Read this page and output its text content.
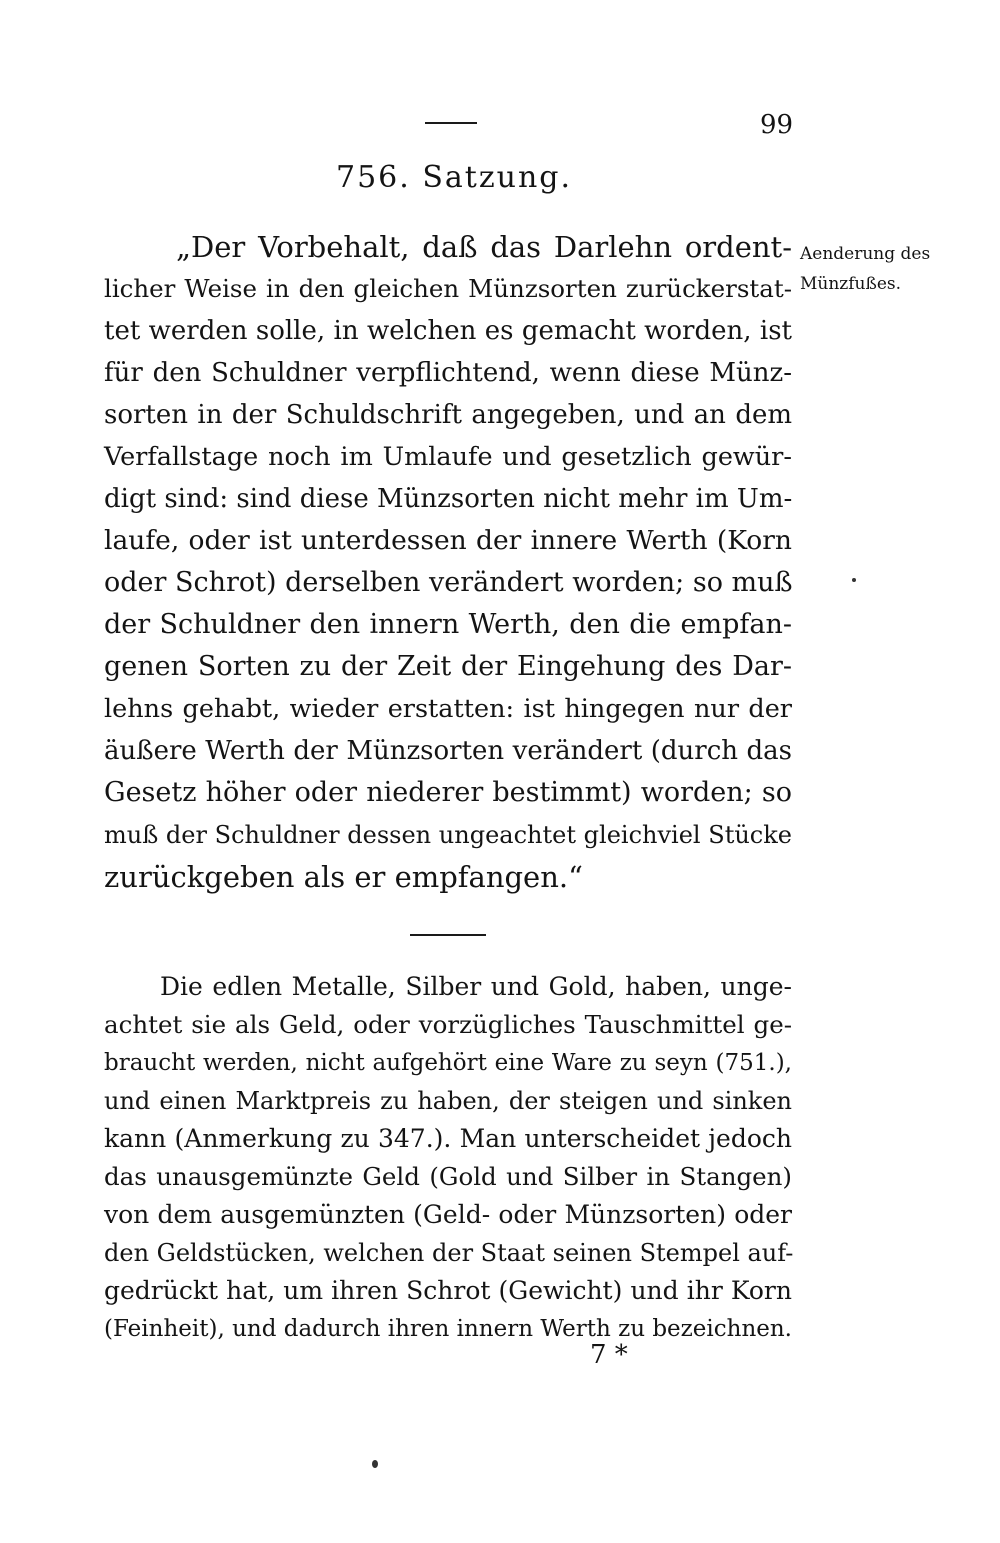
99
756. Satzung.
Aenderung des
Münzfußes.
„Der Vorbehalt, daß das Darlehn ordent-
licher Weise in den gleichen Münzsorten zurückerstat-
tet werden solle, in welchen es gemacht worden, ist
für den Schuldner verpflichtend, wenn diese Münz-
sorten in der Schuldschrift angegeben, und an dem
Verfallstage noch im Umlaufe und gesetzlich gewür-
digt sind: sind diese Münzsorten nicht mehr im Um-
laufe, oder ist unterdessen der innere Werth (Korn
oder Schrot) derselben verändert worden; so muß
der Schuldner den innern Werth, den die empfan-
genen Sorten zu der Zeit der Eingehung des Dar-
lehns gehabt, wieder erstatten: ist hingegen nur der
äußere Werth der Münzsorten verändert (durch das
Gesetz höher oder niederer bestimmt) worden; so
muß der Schuldner dessen ungeachtet gleichviel Stücke
zurückgeben als er empfangen.“
Die edlen Metalle, Silber und Gold, haben, unge-
achtet sie als Geld, oder vorzügliches Tauschmittel ge-
braucht werden, nicht aufgehört eine Ware zu seyn (751.),
und einen Marktpreis zu haben, der steigen und sinken
kann (Anmerkung zu 347.). Man unterscheidet jedoch
das unausgemünzte Geld (Gold und Silber in Stangen)
von dem ausgemünzten (Geld- oder Münzsorten) oder
den Geldstücken, welchen der Staat seinen Stempel auf-
gedrückt hat, um ihren Schrot (Gewicht) und ihr Korn
(Feinheit), und dadurch ihren innern Werth zu bezeichnen.
7 *
